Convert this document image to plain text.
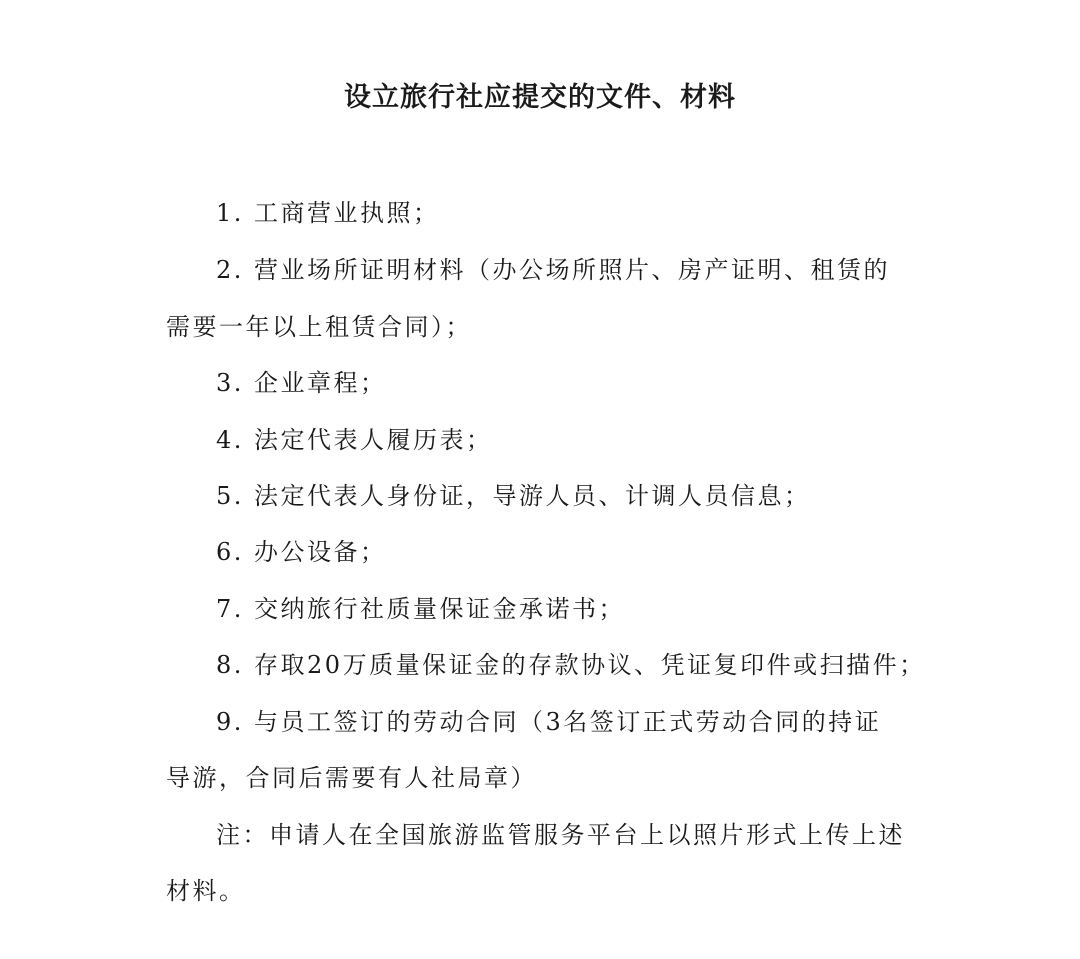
设立旅行社应提交的文件、材料
1. 工商营业执照；
2. 营业场所证明材料（办公场所照片、房产证明、租赁的
需要一年以上租赁合同）；
3. 企业章程；
4. 法定代表人履历表；
5. 法定代表人身份证，导游人员、计调人员信息；
6. 办公设备；
7. 交纳旅行社质量保证金承诺书；
8. 存取20万质量保证金的存款协议、凭证复印件或扫描件；
9. 与员工签订的劳动合同（3名签订正式劳动合同的持证
导游，合同后需要有人社局章）
注：申请人在全国旅游监管服务平台上以照片形式上传上述
材料。
